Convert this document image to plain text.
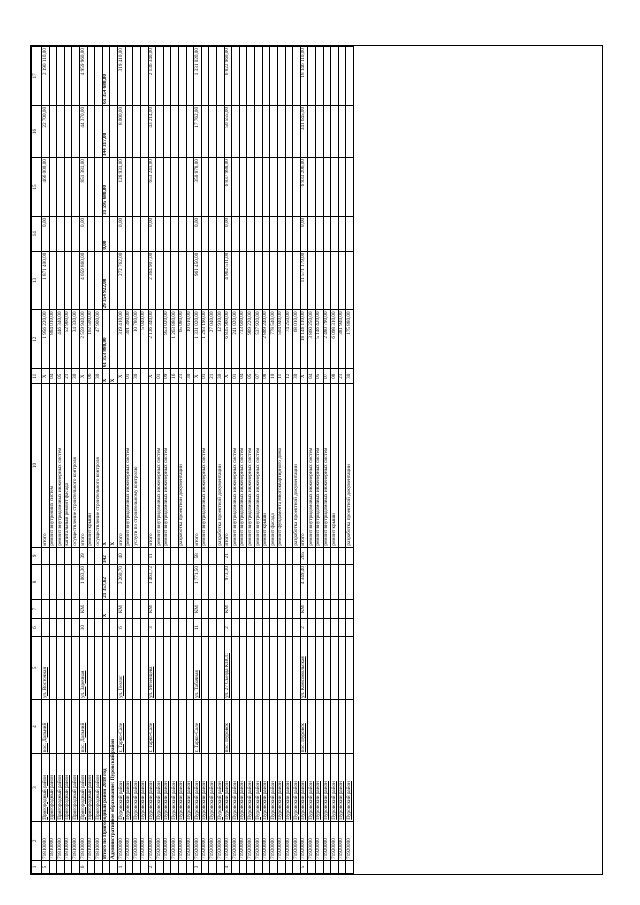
1	2	3	4	5	6	7	8	9	10	11	12	13	14	15	16	17
5	71810000	Пригородный район	пос. Дальний	ул. Восточная					итого	Х	1 956 220,00	1 871 400,00	0,00	466 000,00	22 700,00	2 190 110,00
	71810000	Пригородный район							ремонт внутренних систем	04	884 010,00					
	71810000	Пригородный район							ремонт внутридомовых инженерных систем	05	446 340,00					
	71810000	Пригородный район							капитальный ремонт фасада	21	52 960,00					
	71810000	Пригородный район							осуществление строительного контроля	30	34 330,00					
6	71810000	Пригородный район	пос. Дальний	ул. Заречная	10	КМ	1 063,30	39	итого	Х	2 559 940,00	4 059 860,00	0,00	851 381,00	44 370,00	4 959 960,00
	71810000	Пригородный район							ремонт крыши	06	102 500,00					
	71810000	Пригородный район							осуществление строительного контроля	30	47 900,00					
	Итого по Пригородный район 2018 год					Х	21 357,62	342	Х	Х	61 353 880,00	29 354 922,00	0,00	31 595 680,00	344 317,00	61 354 680,00
	Административное образование: Пуровский район								Х	Х						
1	71920000	Пуровский район	г. Тарко-Сале	ул. Геолог	6	КМ	3 260,70	40	итого	Х	319 410,00	272 762,00	0,00	128 931,00	8 000,00	319 410,00
	71920000	Пуровский район							ремонт внутридомовых инженерных систем	01	301 390,00					
	71920000	Пуровский район							услуги по строительному контролю	30	10 780,00					
	71920000	Пуровский район									5 040,00					
2	71920000	Пуровский район	г. Тарко-Сале	ул. Мезенцева	3	КМ	1 463,72	11	итого	Х	2 136 340,00	2 364 907,00	0,00	653 241,00	43 214,00	2 136 340,00
	71920000	Пуровский район							ремонт внутридомовых инженерных систем	01						
	71920000	Пуровский район							ремонт внутридомовых инженерных систем	09	953 020,00					
	71920000	Пуровский район								16	1 263 880,00					
	71920000	Пуровский район							разработка проектной документации	21	65 080,00					
	71920000	Пуровский район								30	10 610,00					
3	71920000	Пуровский район	г. Тарко-Сале	ул. Табачная	11	КМ	1 771,50	58	итого	Х	1 331 020,00	961 450,00	0,00	350 878,00	17 762,00	1 331 020,00
	71920000	Пуровский район							ремонт внутридомовых инженерных систем	01	1 293 190,00					
	71920000	Пуровский район								21	27 040,00					
	71920000	Пуровский район							разработка проектной документации	30	12 910,00					
4	71920000	Пуровский район	пос. Пуровск	ул. 27 Съезда КПСС	2	КМ	973,30	21	итого	Х	6 835 960,00	4 962 511,00	0,00	6 837 988,00	50 555,00	6 822 960,00
	71920000	Пуровский район							ремонт внутридомовых инженерных систем	01	241 020,00					
	71920000	Пуровский район							ремонт внутридомовых инженерных систем	04	733 600,00					
	71920000	Пуровский район							ремонт внутридомовых инженерных систем	05	989 220,00					
	71920000	Пуровский район							ремонт внутридомовых инженерных систем	07	537 920,00					
	71920000	Пуровский район							ремонт крыши	08	2 889 240,00					
	71920000	Пуровский район							ремонт фасада	10	778 540,00					
	71920000	Пуровский район							ремонт фундамента многоквартирного дома	11	504 040,00					
	71920000	Пуровский район								12	74 250,00					
	71920000	Пуровский район							разработка проектной документации	30	68 010,00					
5	71920000	Пуровский район	пос. Пуровск	ул. Комсомольская	2	КМ	4 349,40	265	итого	Х	18 146 110,00	11 571 179,00	0,00	6 833 206,00	341 645,00	18 146 110,00
	71920000	Пуровский район							ремонт внутридомовых инженерных систем	04	3 860 250,00					
	71920000	Пуровский район							ремонт внутридомовых инженерных систем	05	5 146 420,00					
	71920000	Пуровский район							ремонт внутридомовых инженерных систем	07	2 480 790,00					
	71920000	Пуровский район							ремонт крыши	08	6 098 310,00					
	71920000	Пуровский район								21	381 940,00					
	71920000	Пуровский район							разработка проектной документации	30	175 880,00					
